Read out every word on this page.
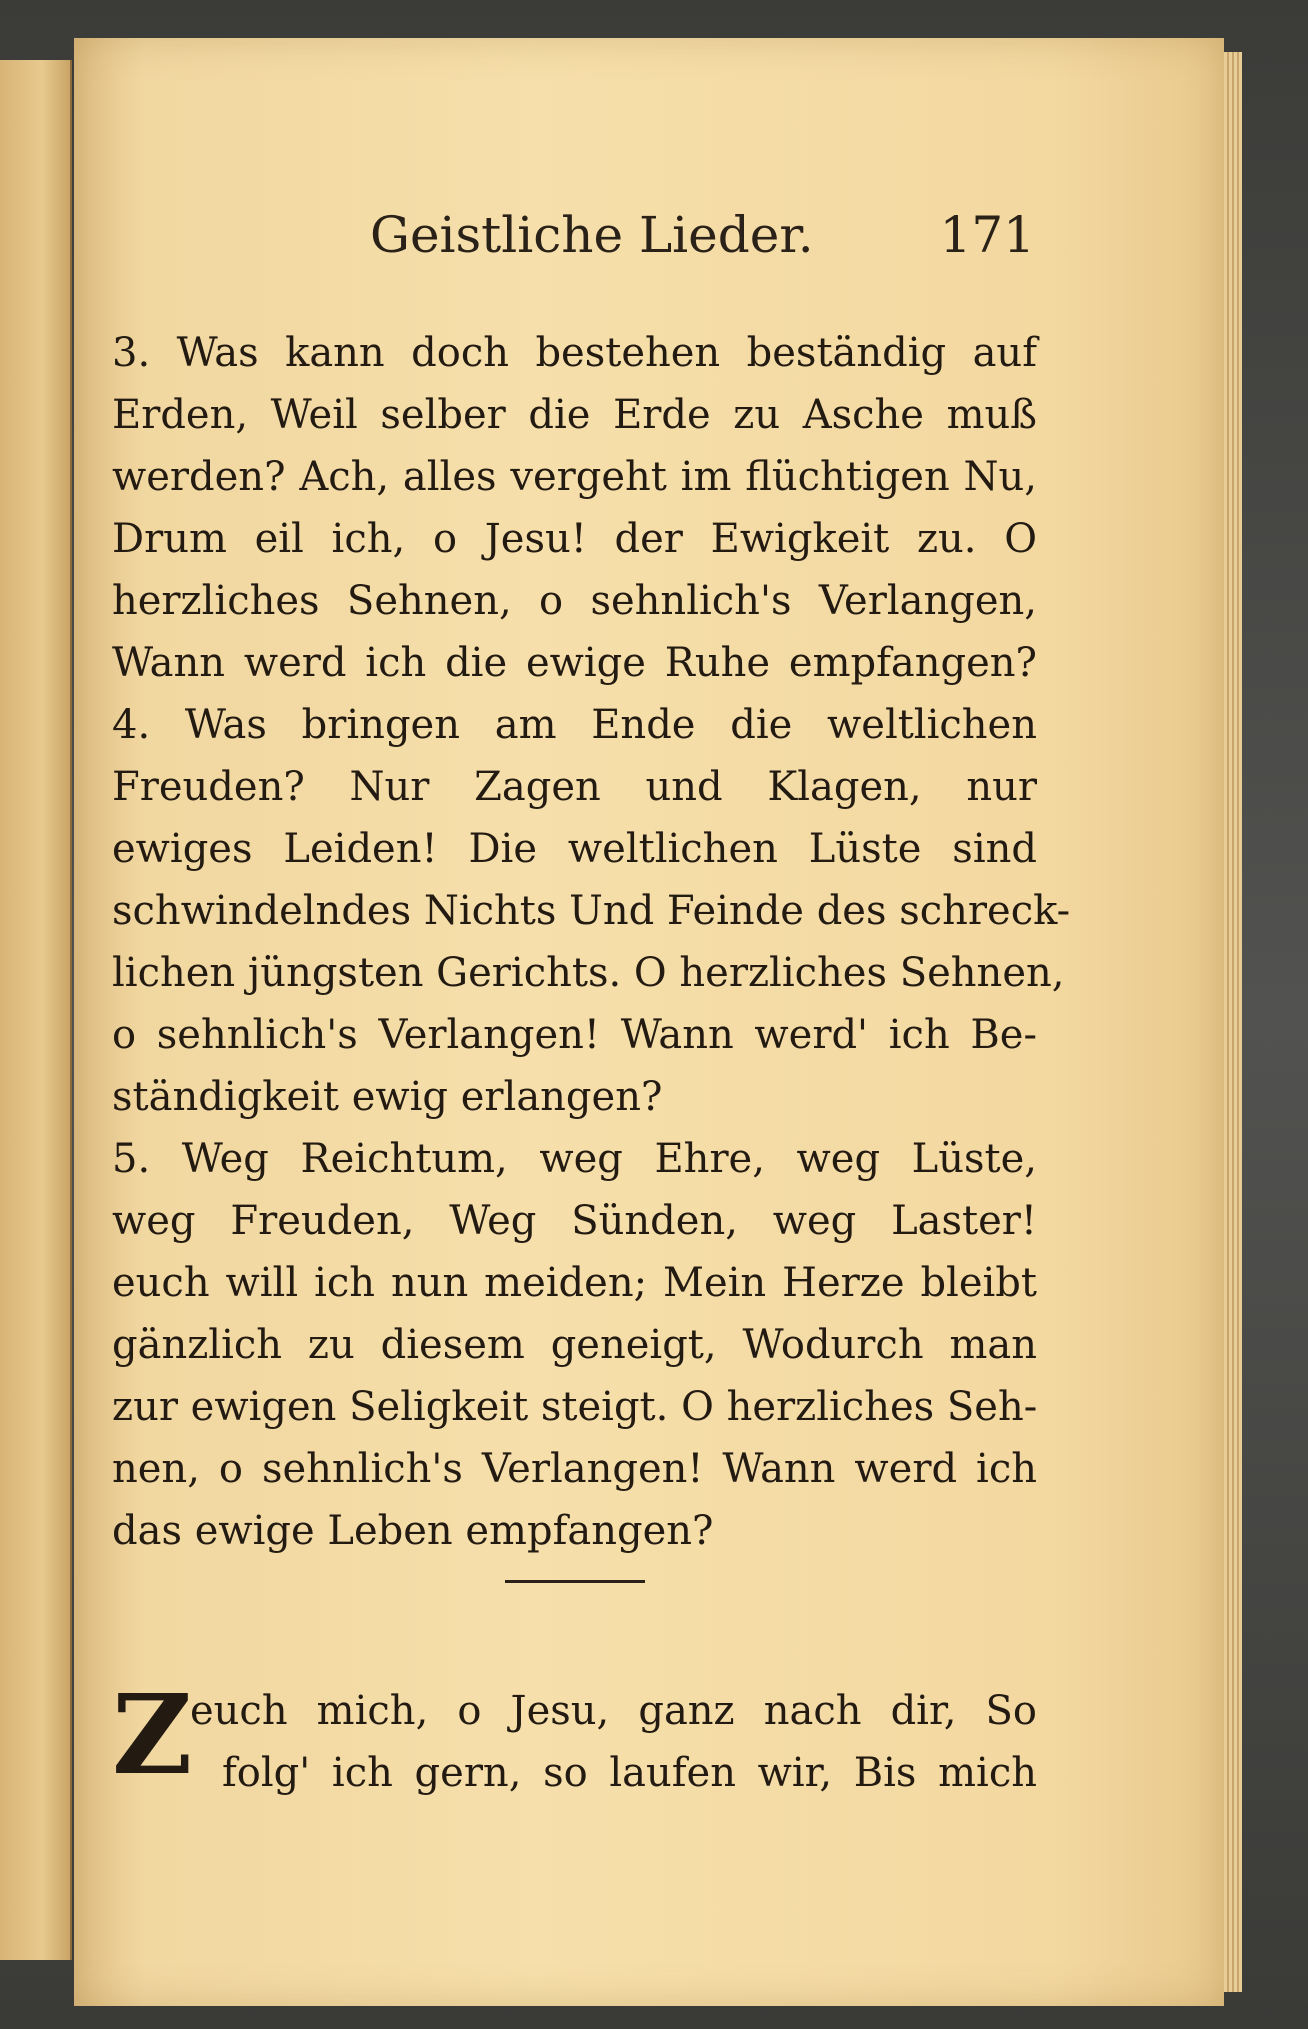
Geistliche Lieder.	171
3. Was kann doch bestehen beständig auf
Erden, Weil selber die Erde zu Asche muß
werden? Ach, alles vergeht im flüchtigen Nu,
Drum eil ich, o Jesu! der Ewigkeit zu. O
herzliches Sehnen, o sehnlich's Verlangen,
Wann werd ich die ewige Ruhe empfangen?
4. Was bringen am Ende die weltlichen
Freuden? Nur Zagen und Klagen, nur
ewiges Leiden! Die weltlichen Lüste sind
schwindelndes Nichts Und Feinde des schreck-
lichen jüngsten Gerichts. O herzliches Sehnen,
o sehnlich's Verlangen! Wann werd' ich Be-
ständigkeit ewig erlangen?
5. Weg Reichtum, weg Ehre, weg Lüste,
weg Freuden, Weg Sünden, weg Laster!
euch will ich nun meiden; Mein Herze bleibt
gänzlich zu diesem geneigt, Wodurch man
zur ewigen Seligkeit steigt. O herzliches Seh-
nen, o sehnlich's Verlangen! Wann werd ich
das ewige Leben empfangen?
Z
euch mich, o Jesu, ganz nach dir, So
folg' ich gern, so laufen wir, Bis mich
